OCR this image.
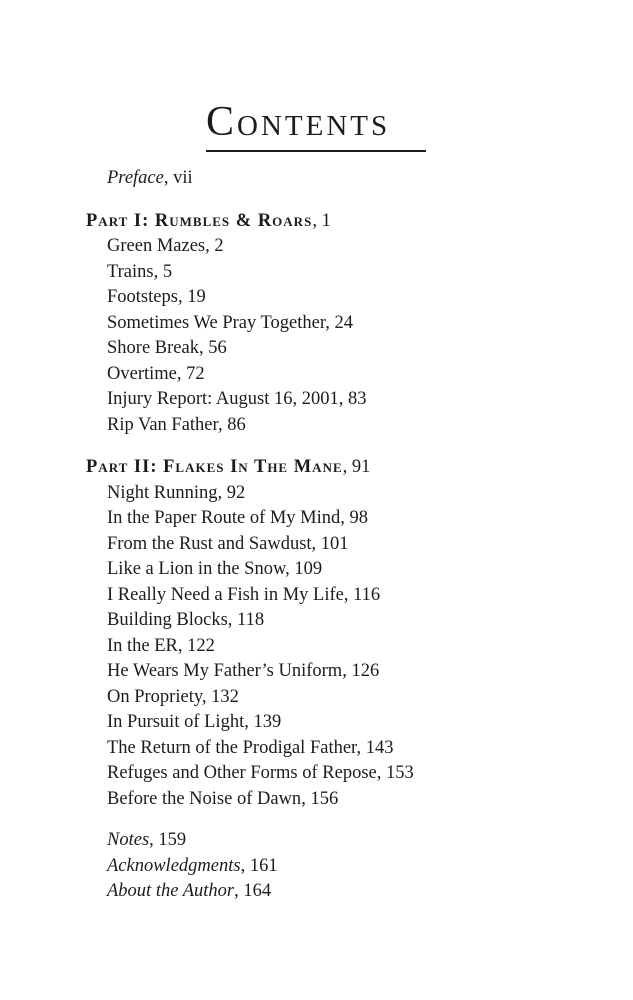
Contents
Preface , vii
Part I: Rumbles & Roars , 1
Green Mazes , 2
Trains , 5
Footsteps , 19
Sometimes We Pray Together , 24
Shore Break , 56
Overtime , 72
Injury Report: August 16, 2001 , 83
Rip Van Father , 86
Part II: Flakes In The Mane , 91
Night Running , 92
In the Paper Route of My Mind , 98
From the Rust and Sawdust , 101
Like a Lion in the Snow , 109
I Really Need a Fish in My Life , 116
Building Blocks , 118
In the ER , 122
He Wears My Father’s Uniform , 126
On Propriety , 132
In Pursuit of Light , 139
The Return of the Prodigal Father , 143
Refuges and Other Forms of Repose , 153
Before the Noise of Dawn , 156
Notes , 159
Acknowledgments , 161
About the Author , 164
